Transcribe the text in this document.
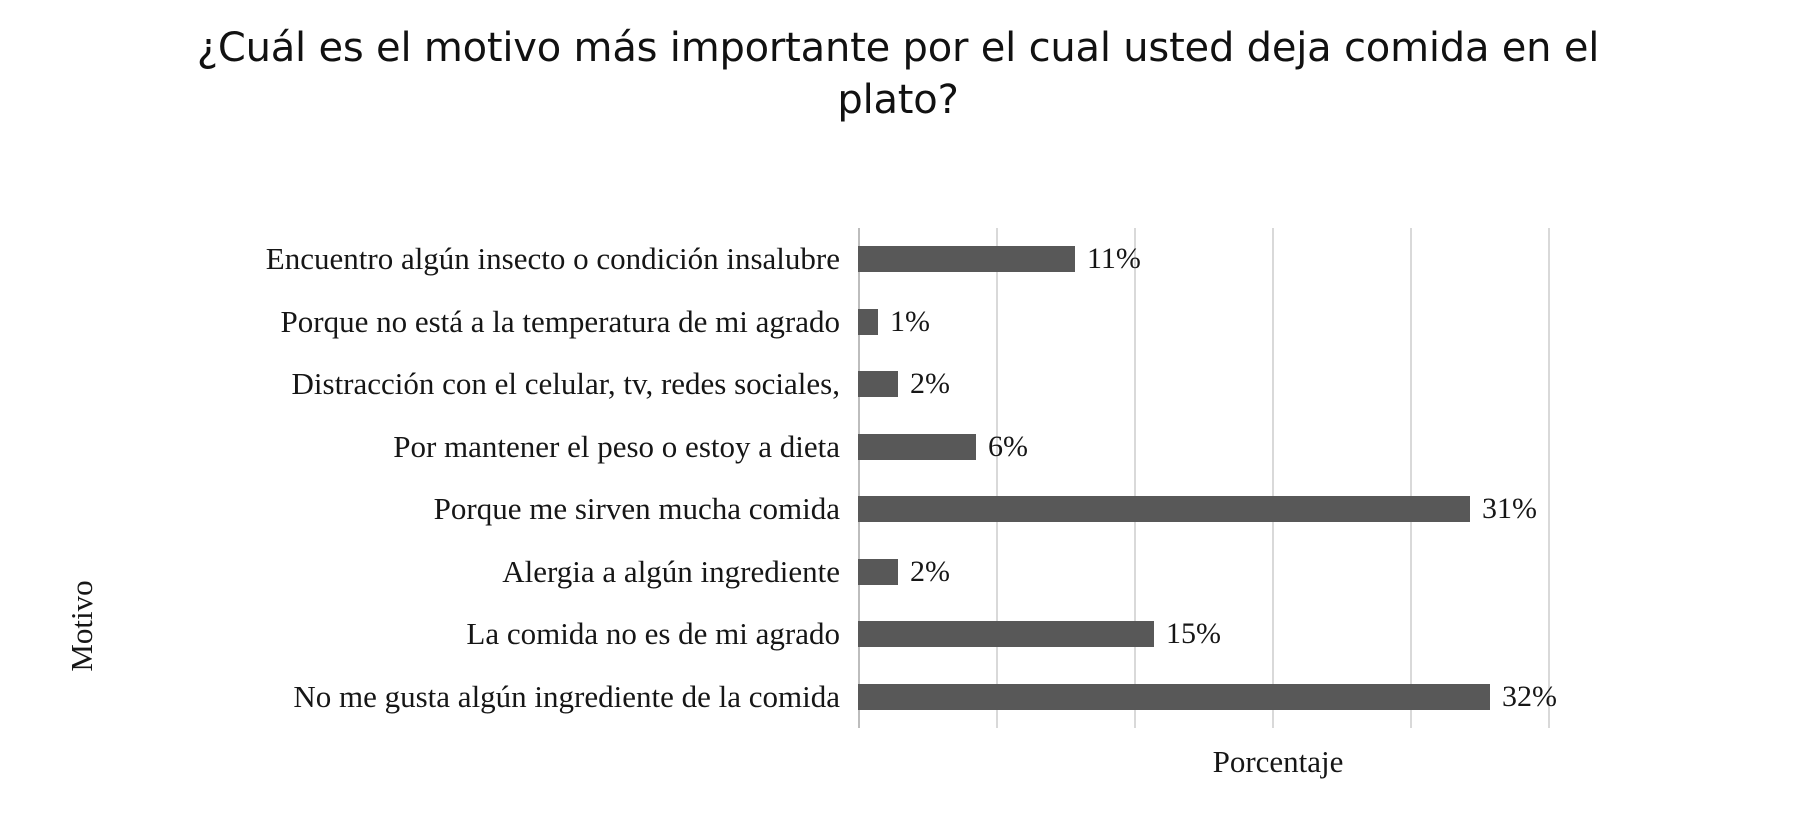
¿Cuál es el motivo más importante por el cual usted deja comida en el plato?
Motivo
Encuentro algún insecto o condición insalubre
Porque no está a la temperatura de mi agrado
Distracción con el celular, tv, redes sociales,
Por mantener el peso o estoy a dieta
Porque me sirven mucha comida
Alergia a algún ingrediente
La comida no es de mi agrado
No me gusta algún ingrediente de la comida
11%
1%
2%
6%
31%
2%
15%
32%
Porcentaje
